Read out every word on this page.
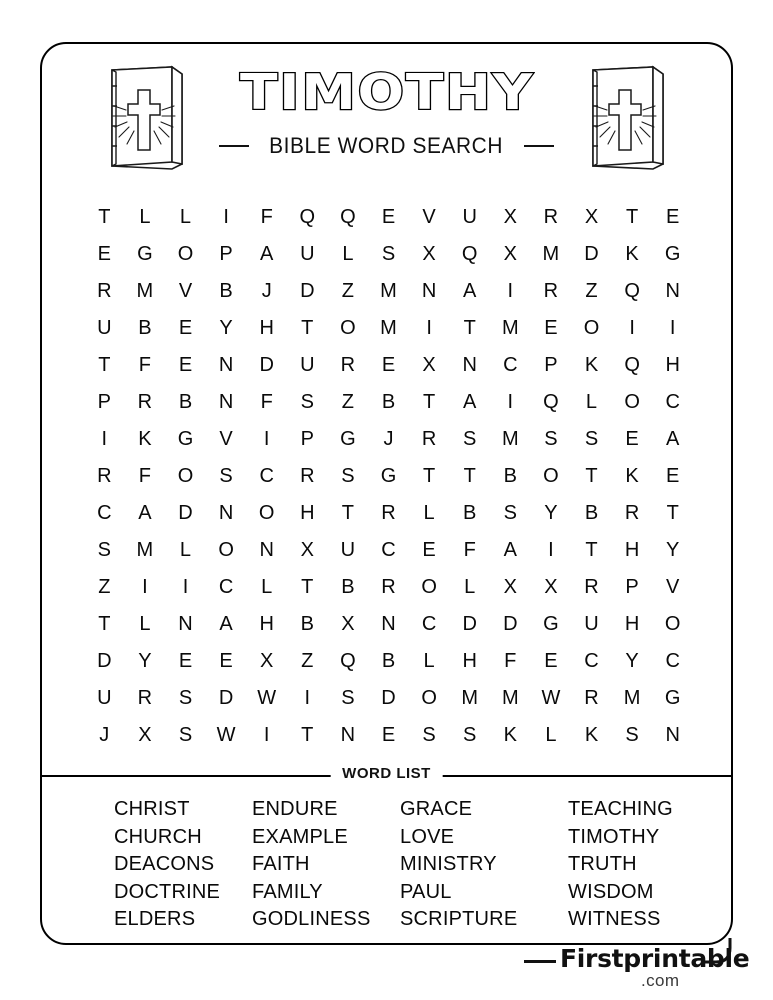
TIMOTHY
BIBLE WORD SEARCH
T	L	L	I	F	Q	Q	E	V	U	X	R	X	T	E
E	G	O	P	A	U	L	S	X	Q	X	M	D	K	G
R	M	V	B	J	D	Z	M	N	A	I	R	Z	Q	N
U	B	E	Y	H	T	O	M	I	T	M	E	O	I	I
T	F	E	N	D	U	R	E	X	N	C	P	K	Q	H
P	R	B	N	F	S	Z	B	T	A	I	Q	L	O	C
I	K	G	V	I	P	G	J	R	S	M	S	S	E	A
R	F	O	S	C	R	S	G	T	T	B	O	T	K	E
C	A	D	N	O	H	T	R	L	B	S	Y	B	R	T
S	M	L	O	N	X	U	C	E	F	A	I	T	H	Y
Z	I	I	C	L	T	B	R	O	L	X	X	R	P	V
T	L	N	A	H	B	X	N	C	D	D	G	U	H	O
D	Y	E	E	X	Z	Q	B	L	H	F	E	C	Y	C
U	R	S	D	W	I	S	D	O	M	M	W	R	M	G
J	X	S	W	I	T	N	E	S	S	K	L	K	S	N
WORD LIST
CHRIST
CHURCH
DEACONS
DOCTRINE
ELDERS
ENDURE
EXAMPLE
FAITH
FAMILY
GODLINESS
GRACE
LOVE
MINISTRY
PAUL
SCRIPTURE
TEACHING
TIMOTHY
TRUTH
WISDOM
WITNESS
Firstprintable
.com
